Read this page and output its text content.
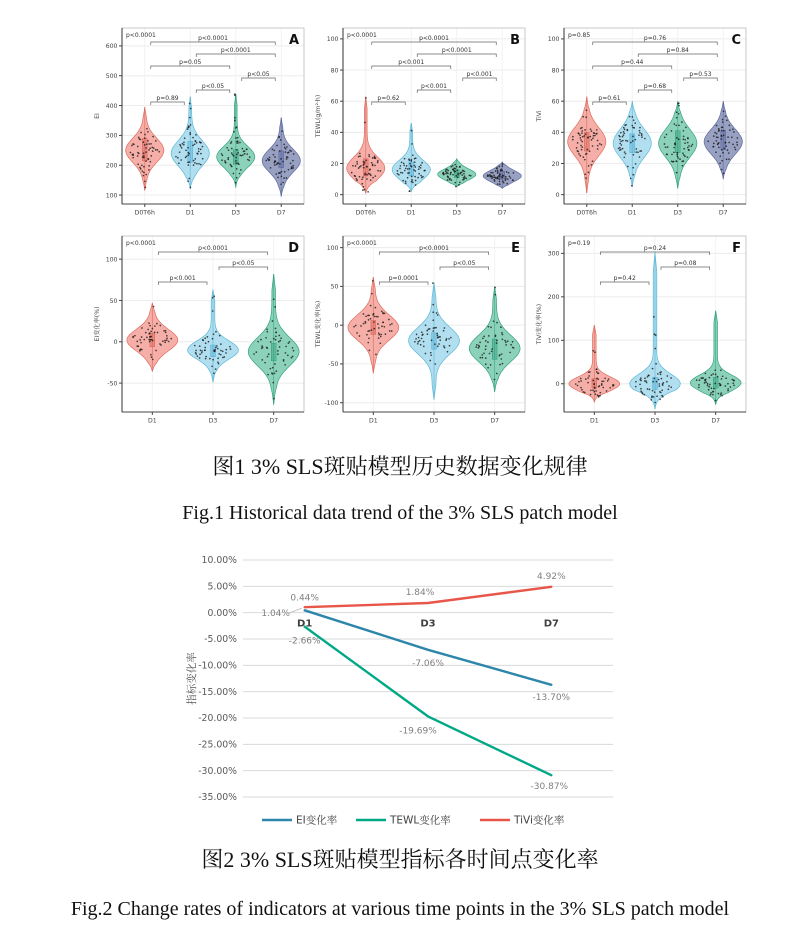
100
200
300
400
500
600
D0T6h	D1	D3	D7
EI
p<0.0001
p<0.0001
p=0.05
p<0.05
p<0.05
p=0.89
p<0.0001	A
0
20
40
60
80
100
D0T6h	D1	D3	D7
TEWL(g/m²·h)
p<0.0001
p<0.0001
p<0.001
p<0.001
p<0.001
p=0.62
p<0.0001	B
0
20
40
60
80
100
D0T6h	D1	D3	D7
TiVi
p=0.76
p=0.84
p=0.44
p=0.53
p=0.68
p=0.61
p=0.85	C
-50
0
50
100
D1	D3	D7
EI变化率(%)
p<0.0001
p<0.05
p<0.001
p<0.0001	D
-100
-50
0
50
100
D1	D3	D7
TEWL变化率(%)
p<0.0001
p<0.05
p=0.0001
p<0.0001	E
0
100
200
300
D1	D3	D7
TiVi变化率(%)
p=0.24
p=0.08
p=0.42
p=0.19	F
图1 3% SLS斑贴模型历史数据变化规律
Fig.1 Historical data trend of the 3% SLS patch model
10.00%
5.00%
0.00%
-5.00%
-10.00%
-15.00%
-20.00%
-25.00%
-30.00%
-35.00%
D1	D3	D7
指标变化率
0.44%
-7.06%
-13.70%
-2.66%
-19.69%
-30.87%
1.04%
1.84%
4.92%
EI变化率	TEWL变化率	TiVi变化率
图2 3% SLS斑贴模型指标各时间点变化率
Fig.2 Change rates of indicators at various time points in the 3% SLS patch model
